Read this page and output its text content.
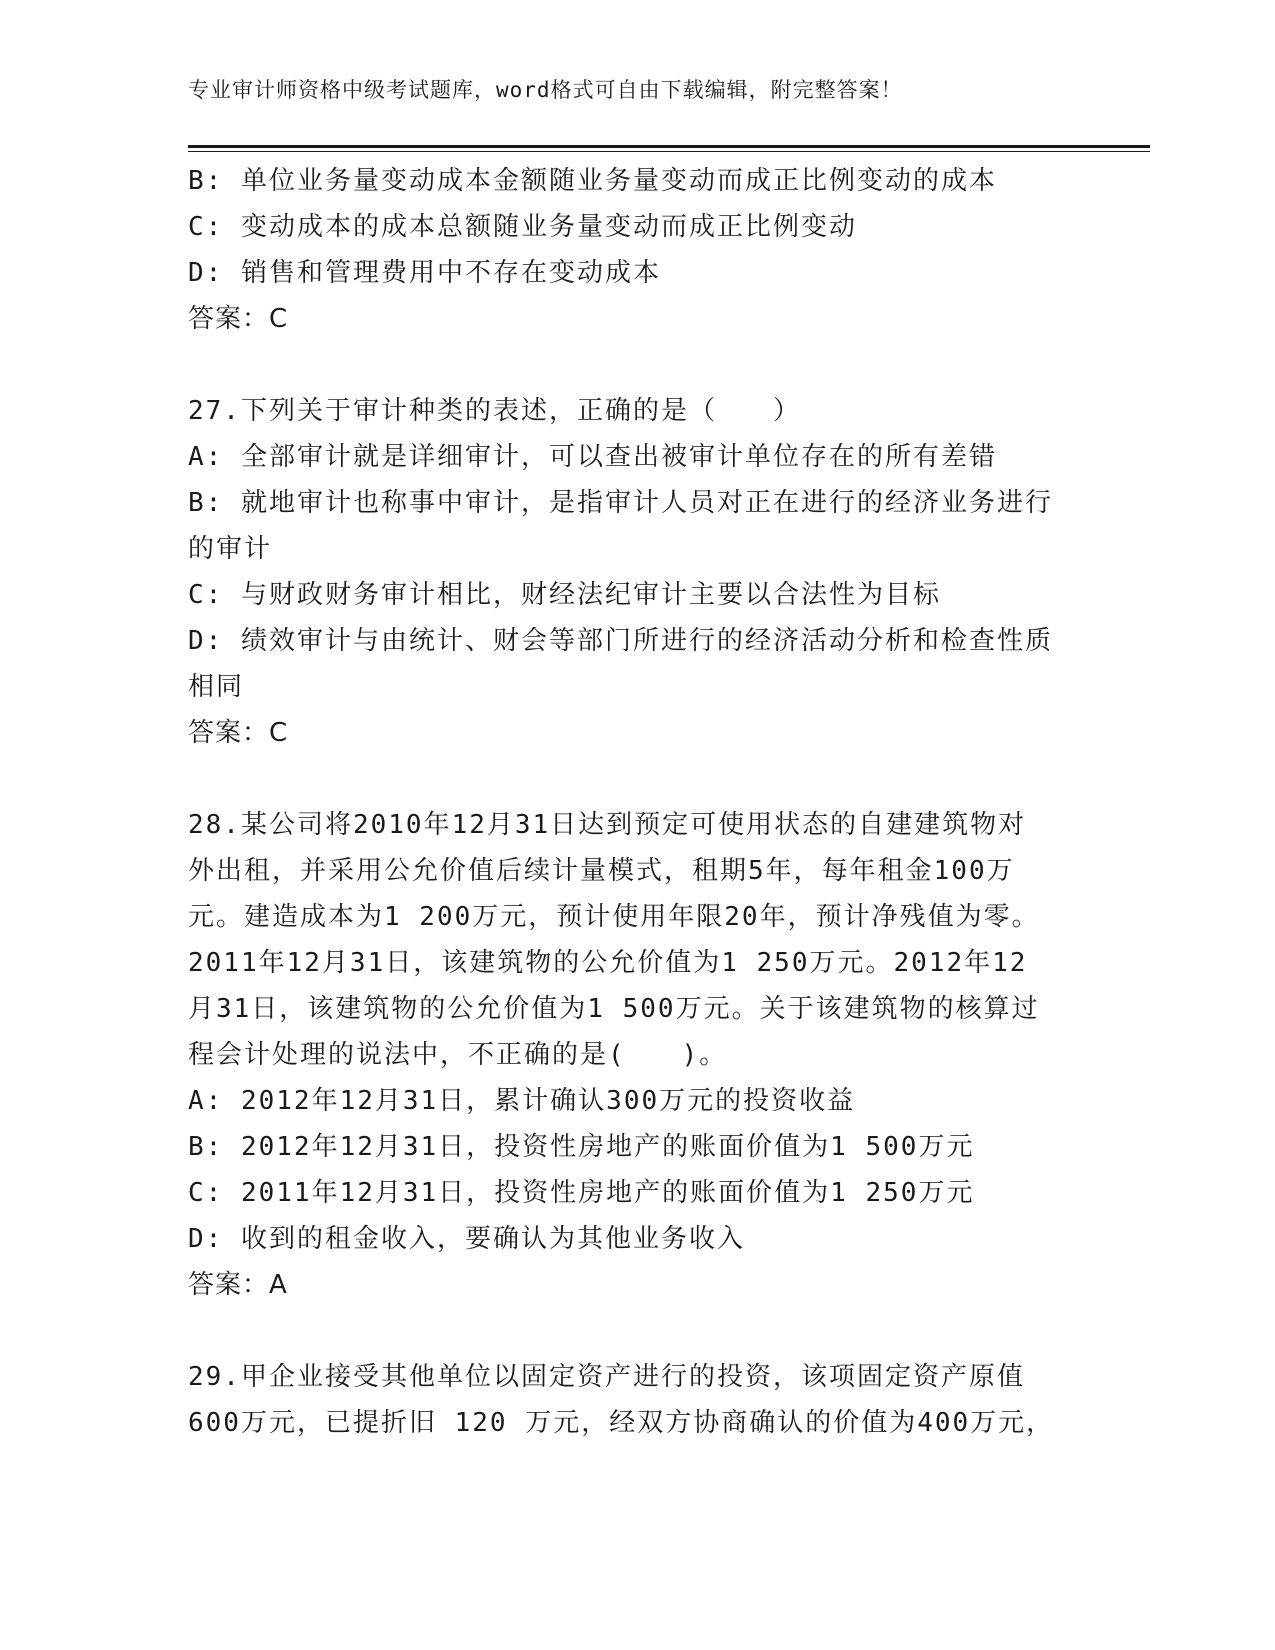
专业审计师资格中级考试题库，word格式可自由下载编辑，附完整答案！
B: 单位业务量变动成本金额随业务量变动而成正比例变动的成本
C: 变动成本的成本总额随业务量变动而成正比例变动
D: 销售和管理费用中不存在变动成本
答案：C
27.下列关于审计种类的表述，正确的是（　　）
A: 全部审计就是详细审计，可以查出被审计单位存在的所有差错
B: 就地审计也称事中审计，是指审计人员对正在进行的经济业务进行
的审计
C: 与财政财务审计相比，财经法纪审计主要以合法性为目标
D: 绩效审计与由统计、财会等部门所进行的经济活动分析和检查性质
相同
答案：C
28.某公司将2010年12月31日达到预定可使用状态的自建建筑物对
外出租，并采用公允价值后续计量模式，租期5年，每年租金100万
元。建造成本为1 200万元，预计使用年限20年，预计净残值为零。
2011年12月31日，该建筑物的公允价值为1 250万元。2012年12
月31日，该建筑物的公允价值为1 500万元。关于该建筑物的核算过
程会计处理的说法中，不正确的是(　　)。
A: 2012年12月31日，累计确认300万元的投资收益
B: 2012年12月31日，投资性房地产的账面价值为1 500万元
C: 2011年12月31日，投资性房地产的账面价值为1 250万元
D: 收到的租金收入，要确认为其他业务收入
答案：A
29.甲企业接受其他单位以固定资产进行的投资，该项固定资产原值
600万元，已提折旧 120 万元，经双方协商确认的价值为400万元，
